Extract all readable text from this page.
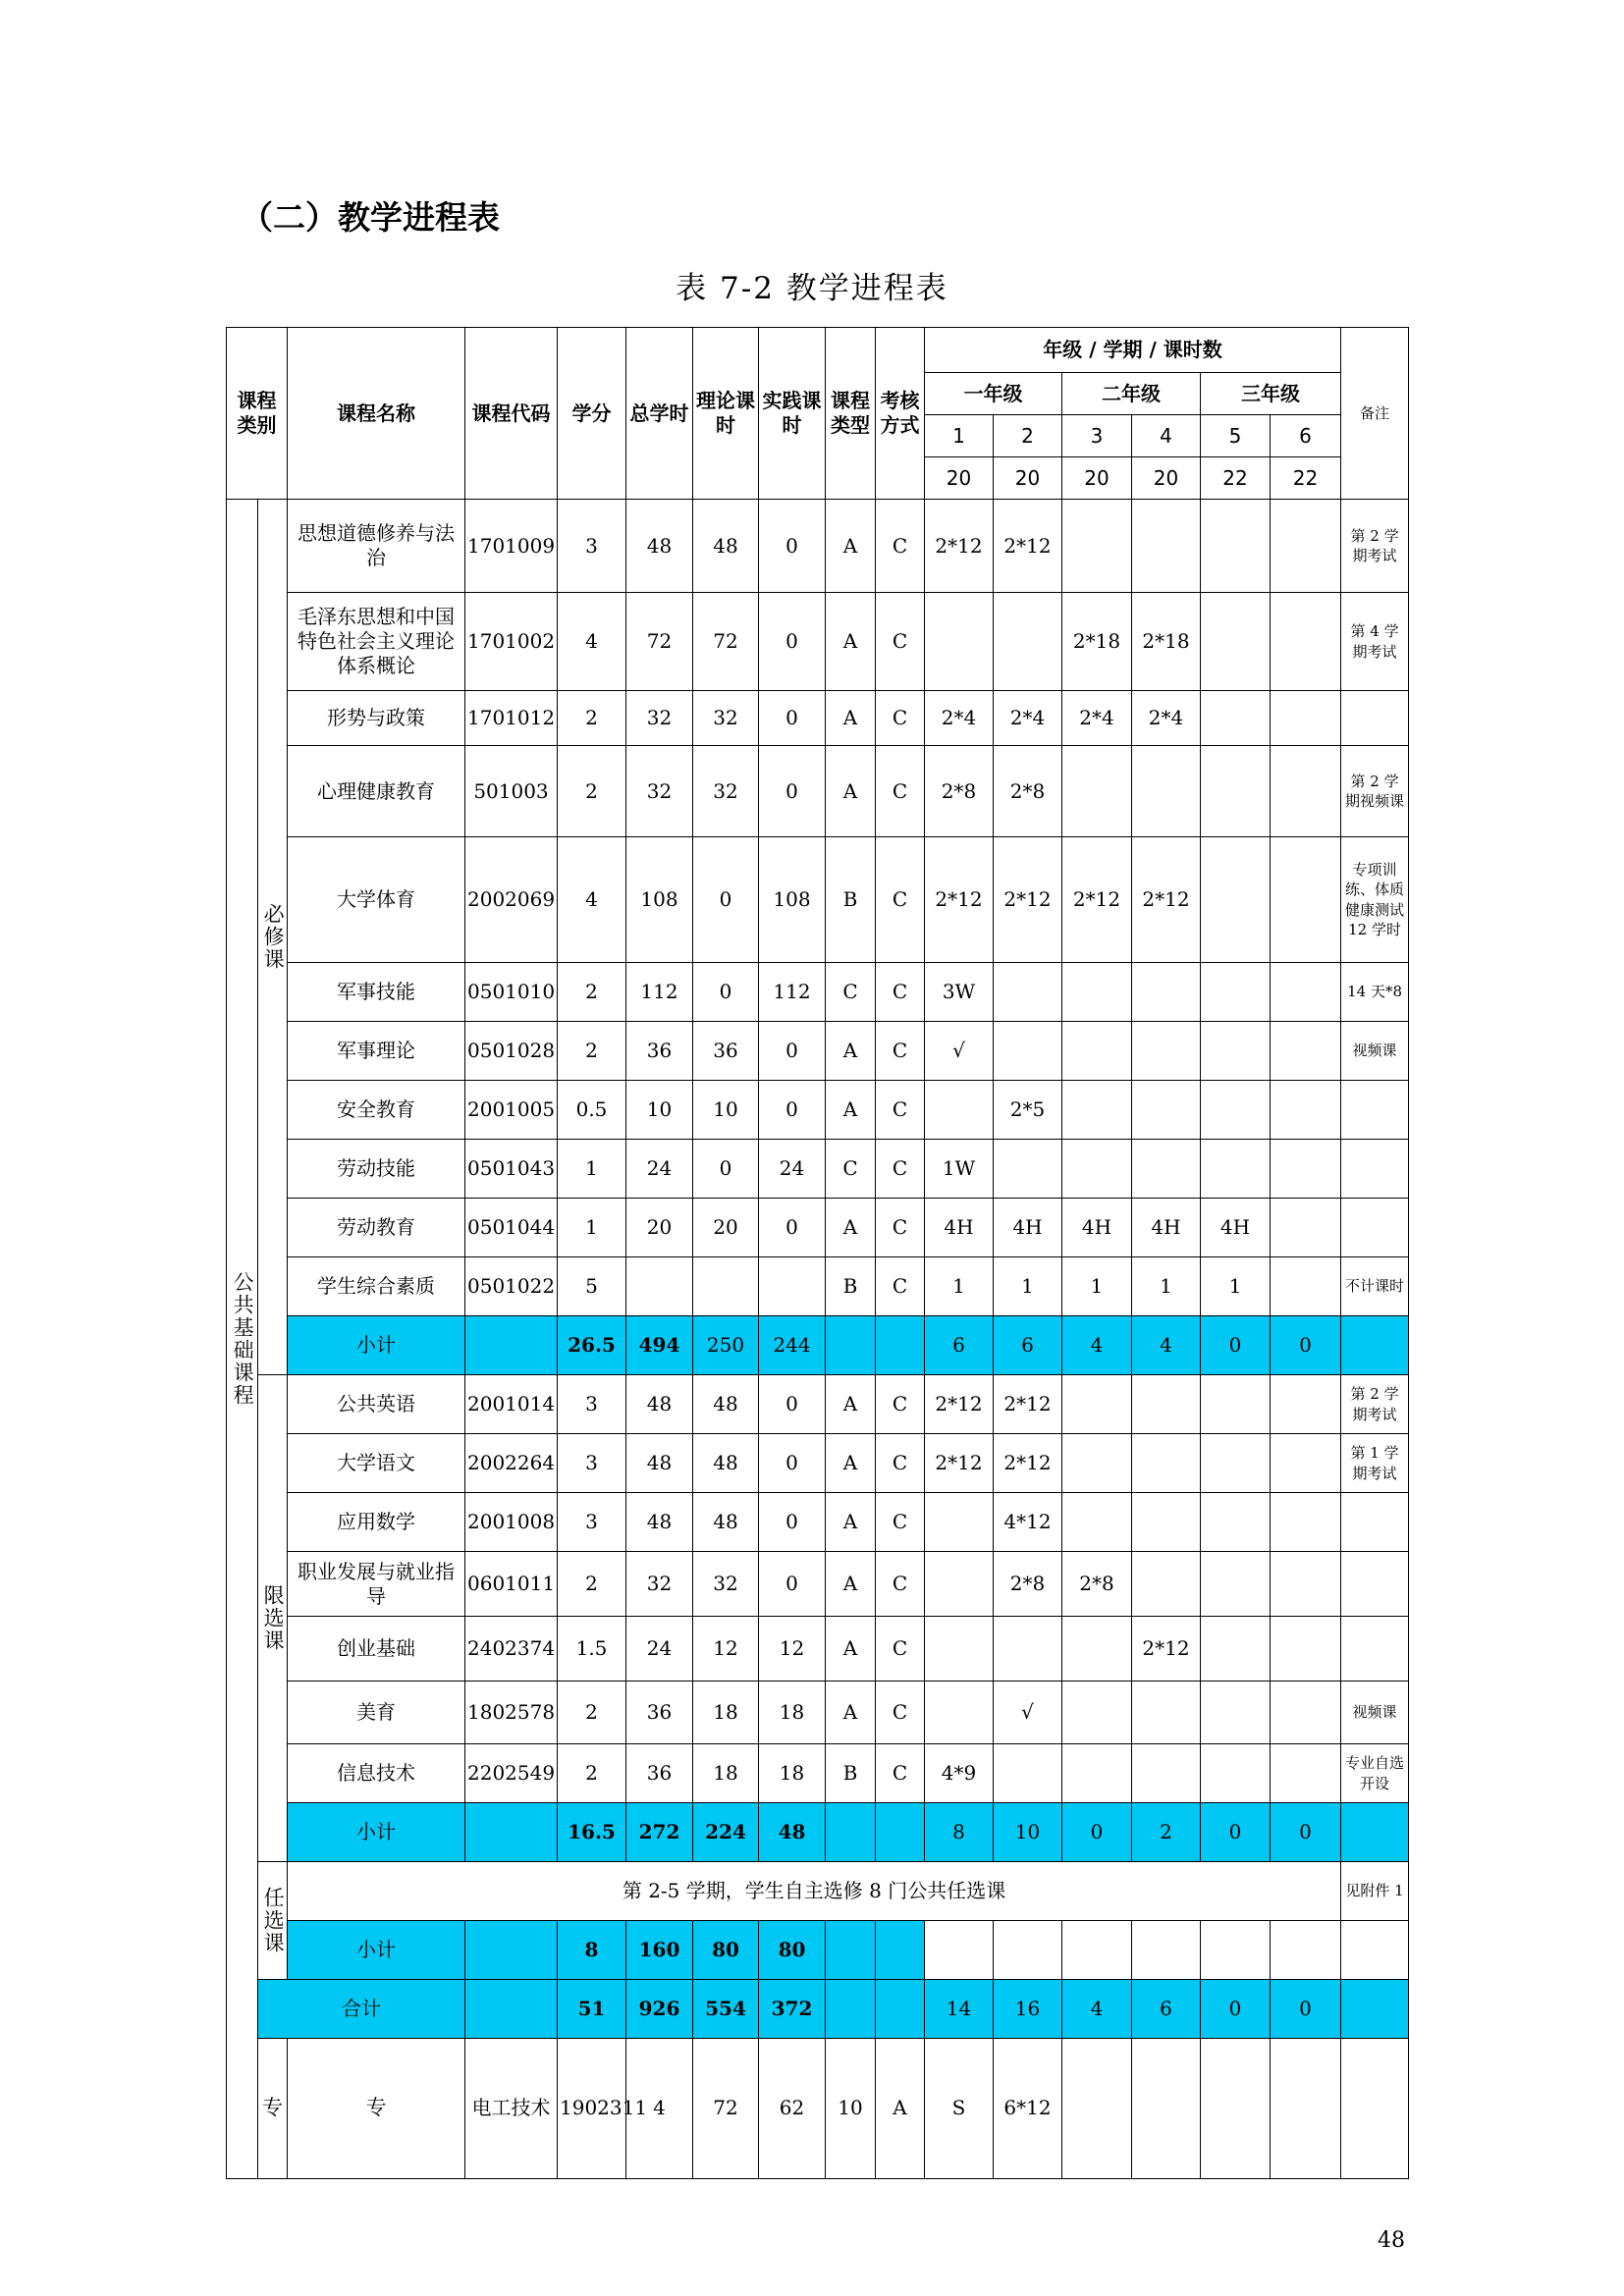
（二）教学进程表
表 7-2 教学进程表
课程类别		课程名称	课程代码	学分	总学时	理论课时	实践课时	课程类型	考核方式	年级 / 学期 / 课时数						备注	
										一年级		二年级		三年级			
										1	2	3	4	5	6		
										20	20	20	20	22	22		
公共基础课程	必修课	思想道德修养与法治	1701009	3	48	48	0	A	C	2*12	2*12					第 2 学期考试	
		毛泽东思想和中国特色社会主义理论体系概论	1701002	4	72	72	0	A	C			2*18	2*18			第 4 学期考试	
		形势与政策	1701012	2	32	32	0	A	C	2*4	2*4	2*4	2*4				
		心理健康教育	501003	2	32	32	0	A	C	2*8	2*8					第 2 学期视频课	
		大学体育	2002069	4	108	0	108	B	C	2*12	2*12	2*12	2*12			专项训练、体质健康测试 12 学时	
		军事技能	0501010	2	112	0	112	C	C	3W						14 天*8	
		军事理论	0501028	2	36	36	0	A	C	√						视频课	
		安全教育	2001005	0.5	10	10	0	A	C		2*5						
		劳动技能	0501043	1	24	0	24	C	C	1W							
		劳动教育	0501044	1	20	20	0	A	C	4H	4H	4H	4H	4H			
		学生综合素质	0501022	5				B	C	1	1	1	1	1		不计课时	
		小计		26.5	494	250	244			6	6	4	4	0	0		
	限选课	公共英语	2001014	3	48	48	0	A	C	2*12	2*12					第 2 学期考试	
		大学语文	2002264	3	48	48	0	A	C	2*12	2*12					第 1 学期考试	
		应用数学	2001008	3	48	48	0	A	C		4*12						
		职业发展与就业指导	0601011	2	32	32	0	A	C		2*8	2*8					
		创业基础	2402374	1.5	24	12	12	A	C				2*12				
		美育	1802578	2	36	18	18	A	C		√					视频课	
		信息技术	2202549	2	36	18	18	B	C	4*9						专业自选开设	
		小计		16.5	272	224	48			8	10	0	2	0	0		
	任选课	第 2-5 学期，学生自主选修 8 门公共任选课														见附件 1	
		小计		8	160	80	80										
	合计			51	926	554	372			14	16	4	6	0	0		
	专	专	电工技术	1902311	4	72	62	10	A	S	6*12						
48
